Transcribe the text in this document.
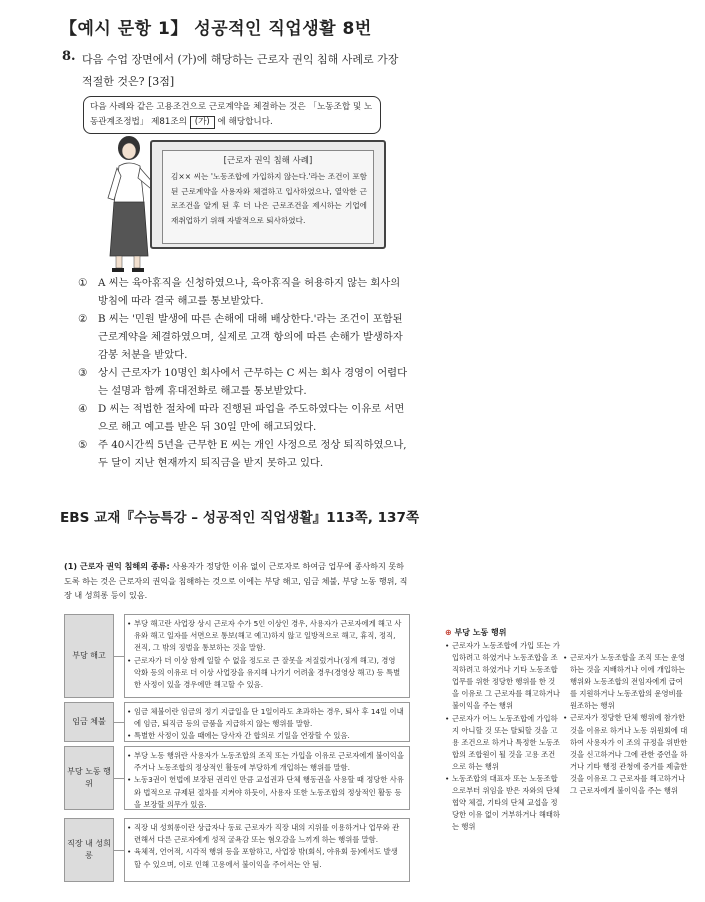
【예시 문항 1】 성공적인 직업생활 8번
8. 다음 수업 장면에서 (가)에 해당하는 근로자 권익 침해 사례로 가장 적절한 것은? [3점]
다음 사례와 같은 고용조건으로 근로계약을 체결하는 것은 「노동조합 및 노동관계조정법」 제81조의 (가) 에 해당합니다.
[근로자 권익 침해 사례]
김×× 씨는 '노동조합에 가입하지 않는다.'라는 조건이 포함된 근로계약을 사용자와 체결하고 입사하였으나, 열악한 근로조건을 알게 된 후 더 나은 근로조건을 제시하는 기업에 재취업하기 위해 자발적으로 퇴사하였다.
① A 씨는 육아휴직을 신청하였으나, 육아휴직을 허용하지 않는 회사의 방침에 따라 결국 해고를 통보받았다.
② B 씨는 '민원 발생에 따른 손해에 대해 배상한다.'라는 조건이 포함된 근로계약을 체결하였으며, 실제로 고객 항의에 따른 손해가 발생하자 감봉 처분을 받았다.
③ 상시 근로자가 10명인 회사에서 근무하는 C 씨는 회사 경영이 어렵다는 설명과 함께 휴대전화로 해고를 통보받았다.
④ D 씨는 적법한 절차에 따라 진행된 파업을 주도하였다는 이유로 서면으로 해고 예고를 받은 뒤 30일 만에 해고되었다.
⑤ 주 40시간씩 5년을 근무한 E 씨는 개인 사정으로 정상 퇴직하였으나, 두 달이 지난 현재까지 퇴직금을 받지 못하고 있다.
EBS 교재『수능특강 – 성공적인 직업생활』113쪽, 137쪽
(1) 근로자 권익 침해의 종류: 사용자가 정당한 이유 없이 근로자로 하여금 업무에 종사하지 못하도록 하는 것은 근로자의 권익을 침해하는 것으로 이에는 부당 해고, 임금 체불, 부당 노동 행위, 직장 내 성희롱 등이 있음.
부당 해고
• 부당 해고란 사업장 상시 근로자 수가 5인 이상인 경우, 사용자가 근로자에게 해고 사유와 해고 일자를 서면으로 통보(해고 예고)하지 않고 일방적으로 해고, 휴직, 정직, 전직, 그 밖의 징벌을 통보하는 것을 말함.
• 근로자가 더 이상 함께 일할 수 없을 정도로 큰 잘못을 저질렀거나(징계 해고), 경영 악화 등의 이유로 더 이상 사업장을 유지해 나가기 어려울 경우(경영상 해고) 등 특별한 사정이 있을 경우에만 해고할 수 있음.
임금 체불
• 임금 체불이란 임금의 정기 지급일을 단 1일이라도 초과하는 경우, 퇴사 후 14일 이내에 임금, 퇴직금 등의 금품을 지급하지 않는 행위를 말함.
• 특별한 사정이 있을 때에는 당사자 간 합의로 기일을 연장할 수 있음.
부당 노동 행위
• 부당 노동 행위란 사용자가 노동조합의 조직 또는 가입을 이유로 근로자에게 불이익을 주거나 노동조합의 정상적인 활동에 부당하게 개입하는 행위를 말함.
• 노동3권이 헌법에 보장된 권리인 만큼 교섭권과 단체 행동권을 사용할 때 정당한 사유와 법적으로 규제된 절차를 지켜야 하듯이, 사용자 또한 노동조합의 정상적인 활동 등을 보장할 의무가 있음.
직장 내 성희롱
• 직장 내 성희롱이란 상급자나 동료 근로자가 직장 내의 지위를 이용하거나 업무와 관련해서 다른 근로자에게 성적 굴욕감 또는 혐오감을 느끼게 하는 행위를 말함.
• 육체적, 언어적, 시각적 행위 등을 포함하고, 사업장 밖(회식, 야유회 등)에서도 발생할 수 있으며, 이로 인해 고용에서 불이익을 주어서는 안 됨.
⊕ 부당 노동 행위
• 근로자가 노동조합에 가입 또는 가입하려고 하였거나 노동조합을 조직하려고 하였거나 기타 노동조합 업무를 위한 정당한 행위를 한 것을 이유로 그 근로자를 해고하거나 불이익을 주는 행위
• 근로자가 어느 노동조합에 가입하지 아니할 것 또는 탈퇴할 것을 고용 조건으로 하거나 특정한 노동조합의 조합원이 될 것을 고용 조건으로 하는 행위
• 노동조합의 대표자 또는 노동조합으로부터 위임을 받은 자와의 단체 협약 체결, 기타의 단체 교섭을 정당한 이유 없이 거부하거나 해태하는 행위
• 근로자가 노동조합을 조직 또는 운영하는 것을 지배하거나 이에 개입하는 행위와 노동조합의 전임자에게 급여를 지원하거나 노동조합의 운영비를 원조하는 행위
• 근로자가 정당한 단체 행위에 참가한 것을 이유로 하거나 노동 위원회에 대하여 사용자가 이 조의 규정을 위반한 것을 신고하거나 그에 관한 증언을 하거나 기타 행정 관청에 증거를 제출한 것을 이유로 그 근로자를 해고하거나 그 근로자에게 불이익을 주는 행위
